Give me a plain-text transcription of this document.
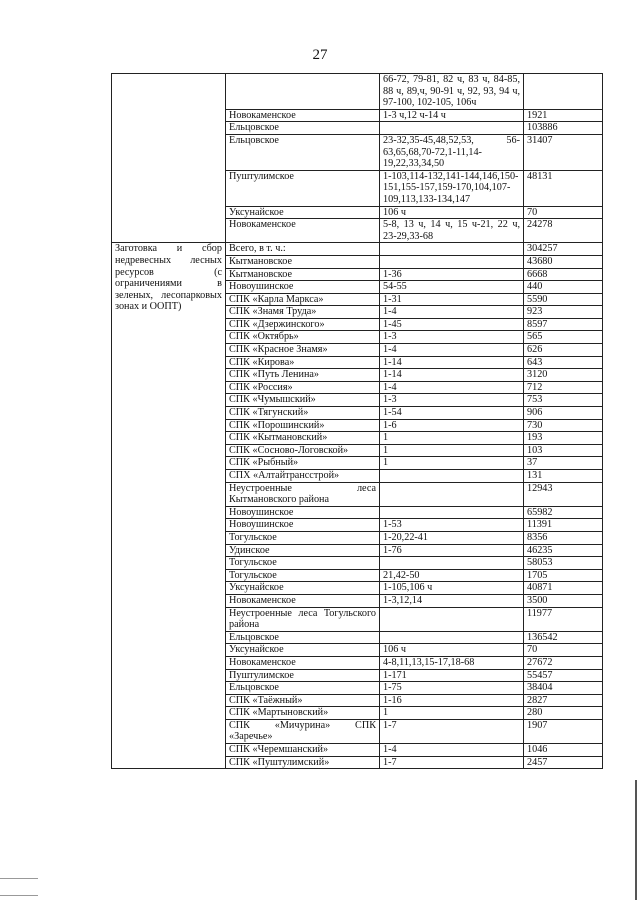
27
		66-72, 79-81, 82 ч, 83 ч, 84-85, 88 ч, 89,ч, 90-91 ч, 92, 93, 94 ч, 97-100, 102-105, 106ч	
	Новокаменское	1-3 ч,12 ч-14 ч	1921
	Ельцовское		103886
	Ельцовское	23-32,35-45,48,52,53, 56-63,65,68,70-72,1-11,14-19,22,33,34,50	31407
	Пуштулимское	1-103,114-132,141-144,146,150-151,155-157,159-170,104,107-109,113,133-134,147	48131
	Уксунайское	106 ч	70
	Новокаменское	5-8, 13 ч, 14 ч, 15 ч-21, 22 ч, 23-29,33-68	24278
Заготовка и сбор недревесных лесных ресурсов (с ограничениями в зеленых, лесопарковых зонах и ООПТ)	Всего, в т. ч.:		304257
	Кытмановское		43680
	Кытмановское	1-36	6668
	Новоушинское	54-55	440
	СПК «Карла Маркса»	1-31	5590
	СПК «Знамя Труда»	1-4	923
	СПК «Дзержинского»	1-45	8597
	СПК «Октябрь»	1-3	565
	СПК «Красное Знамя»	1-4	626
	СПК «Кирова»	1-14	643
	СПК «Путь Ленина»	1-14	3120
	СПК «Россия»	1-4	712
	СПК «Чумышский»	1-3	753
	СПК «Тягунский»	1-54	906
	СПК «Порошинский»	1-6	730
	СПК «Кытмановский»	1	193
	СПК «Сосново-Логовской»	1	103
	СПК «Рыбный»	1	37
	СПХ «Алтайтрансстрой»		131
	Неустроенные леса Кытмановского района		12943
	Новоушинское		65982
	Новоушинское	1-53	11391
	Тогульское	1-20,22-41	8356
	Удинское	1-76	46235
	Тогульское		58053
	Тогульское	21,42-50	1705
	Уксунайское	1-105,106 ч	40871
	Новокаменское	1-3,12,14	3500
	Неустроенные леса Тогульского района		11977
	Ельцовское		136542
	Уксунайское	106 ч	70
	Новокаменское	4-8,11,13,15-17,18-68	27672
	Пуштулимское	1-171	55457
	Ельцовское	1-75	38404
	СПК «Таёжный»	1-16	2827
	СПК «Мартыновский»	1	280
	СПК «Мичурина» СПК «Заречье»	1-7	1907
	СПК «Черемшанский»	1-4	1046
	СПК «Пуштулимский»	1-7	2457
